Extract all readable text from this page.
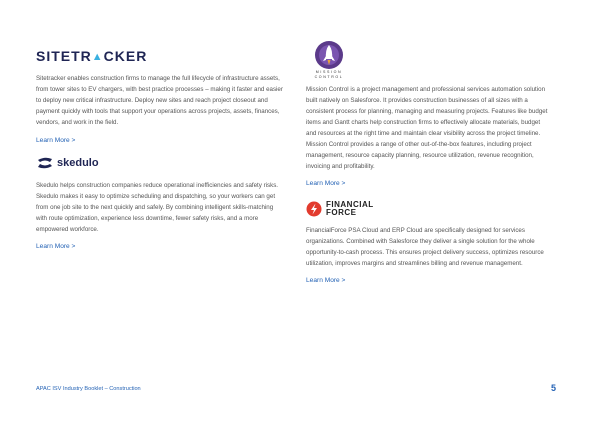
SITETR▲CKER

Sitetracker enables construction firms to manage the full lifecycle of infrastructure assets, from tower sites to EV chargers, with best practice processes – making it faster and easier to deploy new critical infrastructure. Deploy new sites and reach project closeout and payment quickly with tools that support your operations across projects, assets, finances, vendors, and work in the field.

Learn More >
skedulo

Skedulo helps construction companies reduce operational inefficiencies and safety risks. Skedulo makes it easy to optimize scheduling and dispatching, so your workers can get from one job site to the next quickly and safely. By combining intelligent skills-matching with route optimization, experience less downtime, fewer safety risks, and a more empowered workforce.

Learn More >
MISSION
CONTROL

Mission Control is a project management and professional services automation solution built natively on Salesforce. It provides construction businesses of all sizes with a consistent process for planning, managing and measuring projects. Features like budget items and Gantt charts help construction firms to effectively allocate materials, budget and resources at the right time and maintain clear visibility across the project timeline. Mission Control provides a range of other out-of-the-box features, including project management, resource capacity planning, resource utilization, revenue recognition, invoicing and profitability.

Learn More >
FINANCIAL
FORCE

FinancialForce PSA Cloud and ERP Cloud are specifically designed for services organizations. Combined with Salesforce they deliver a single solution for the whole opportunity-to-cash process. This ensures project delivery success, optimizes resource utilization, improves margins and streamlines billing and revenue management.

Learn More >
APAC ISV Industry Booklet – Construction	5
